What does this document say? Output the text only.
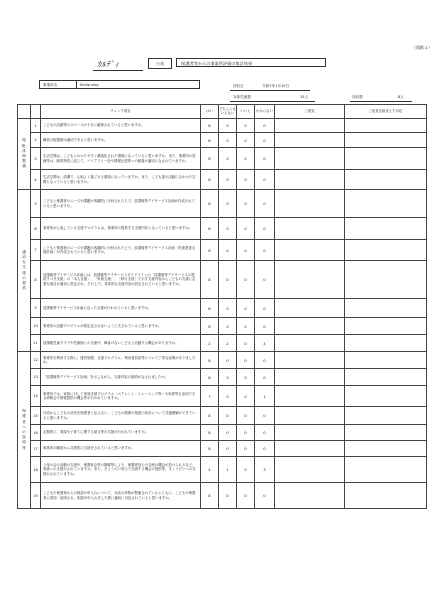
（別紙４）
ｶﾙﾃﾞｨ	公表	保護者等からの事業所評価の集計結果
事業所名	Smile sing	回収日	令和7年1月10日
対象児童数	15人	回収数	8人
		チェック項目	はい	どちらともいえない	いいえ	わからない	ご意見	ご意見を踏まえた対応

環境・体制整備	1	こどもの活動等のスペースが十分に確保されていると思いますか。	8	0	0	0		
	2	職員の配置数は適切であると思いますか。	8	0	0	0		
	3	生活空間は、こどもにわかりやすく構造化された環境になっていると思いますか。また、事業所の設備等は、障害特性に応じて、バリアフリー化や情報伝達等への配慮が適切になされていますか。	8	0	0	0		
	4	生活空間は、清潔で、心地よく過ごせる環境になっていますか。また、こども達の活動に合わせた空間となっていると思いますか。	8	0	0	0		

適切な支援の提供	5	こどもと保護者のニーズや課題が客観的に分析された上で、放課後等デイサービス計画が作成されていると思いますか。	8	0	0	0		
	6	事業所が公表している支援プログラムは、事業所の提供する支援内容と合っていると思いますか。	8	0	0	0		
	7	こどもと保護者のニーズや課題が客観的に分析された上で、放課後等デイサービス計画（児童発達支援計画）が作成されていると思いますか。	8	0	0	0		
	8	放課後等デイサービス計画には、放課後等デイサービスガイドラインの「放課後等デイサービスの提供すべき支援」の「本人支援」、「家族支援」、「移行支援」で示す支援内容からこどもの支援に必要な項目が適切に設定され、その上で、具体的な支援内容が設定されていると思いますか。	8	0	0	0		
	9	放課後等デイサービス計画に沿った支援が行われていると思いますか。	8	0	0	0		
	10	事業所の活動プログラムが固定化されないよう工夫されていると思いますか。	8	0	0	0		
	11	放課後児童クラブや児童館との交流や、障害のないこどもと活動する機会がありますか。	2	2	0	4		

保護者への説明等	12	事業所を利用する際に、運営規程、支援プログラム、利用者負担等について丁寧な説明がありましたか。	8	0	0	0		
	13	「放課後等デイサービス計画」を示しながら、支援内容の説明がなされましたか。	8	0	0	0		
	14	事業所では、家族に対して家族支援プログラム（ペアレント・トレーニング等）や家族等も参加できる研修会や情報提供の機会等が行われていますか。	7	0	0	1		
	15	日頃からこどもの状況を保護者と伝え合い、こどもの健康や発達の状況について共通理解ができていると思いますか。	8	0	0	0		
	16	定期的に、面談や子育てに関する助言等の支援が行われていますか。	8	0	0	0		
	17	事業所の職員から共感的に支援をされていると思いますか。	8	0	0	0		
	18	父母の会の活動の支援や、保護者会等の開催等により、保護者同士の交流の機会が設けられるなど、家族への支援がされていますか。また、きょうだい同士で交流する機会の提供等、きょうだいへの支援がされていますか。	4	1	0	3		
	19	こどもや保護者からの相談や申入れについて、対応の体制が整備されているとともに、こどもや保護者に周知・説明され、相談や申入れをした際に適切に対応されていると思いますか。	8	0	0	0		
